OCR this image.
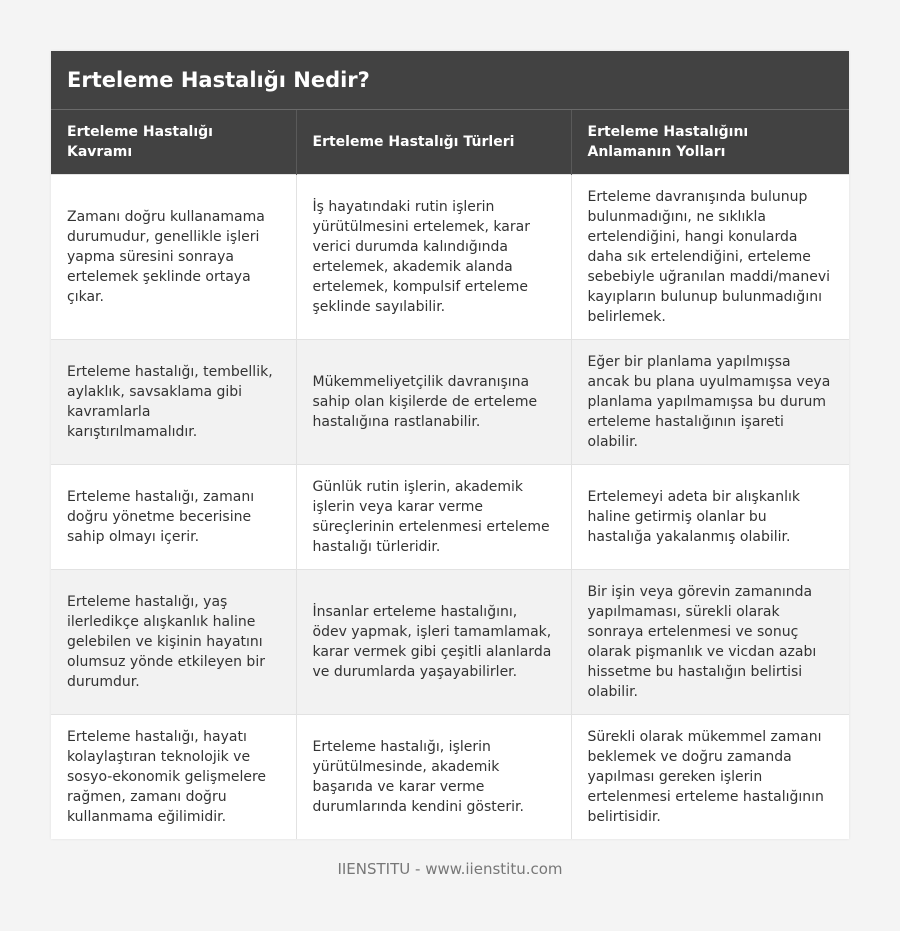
Erteleme Hastalığı Nedir?
Erteleme Hastalığı Kavramı	Erteleme Hastalığı Türleri	Erteleme Hastalığını Anlamanın Yolları
Zamanı doğru kullanamama durumudur, genellikle işleri yapma süresini sonraya ertelemek şeklinde ortaya çıkar.	İş hayatındaki rutin işlerin yürütülmesini ertelemek, karar verici durumda kalındığında ertelemek, akademik alanda ertelemek, kompulsif erteleme şeklinde sayılabilir.	Erteleme davranışında bulunup bulunmadığını, ne sıklıkla ertelendiğini, hangi konularda daha sık ertelendiğini, erteleme sebebiyle uğranılan maddi/manevi kayıpların bulunup bulunmadığını belirlemek.
Erteleme hastalığı, tembellik, aylaklık, savsaklama gibi kavramlarla karıştırılmamalıdır.	Mükemmeliyetçilik davranışına sahip olan kişilerde de erteleme hastalığına rastlanabilir.	Eğer bir planlama yapılmışsa ancak bu plana uyulmamışsa veya planlama yapılmamışsa bu durum erteleme hastalığının işareti olabilir.
Erteleme hastalığı, zamanı doğru yönetme becerisine sahip olmayı içerir.	Günlük rutin işlerin, akademik işlerin veya karar verme süreçlerinin ertelenmesi erteleme hastalığı türleridir.	Ertelemeyi adeta bir alışkanlık haline getirmiş olanlar bu hastalığa yakalanmış olabilir.
Erteleme hastalığı, yaş ilerledikçe alışkanlık haline gelebilen ve kişinin hayatını olumsuz yönde etkileyen bir durumdur.	İnsanlar erteleme hastalığını, ödev yapmak, işleri tamamlamak, karar vermek gibi çeşitli alanlarda ve durumlarda yaşayabilirler.	Bir işin veya görevin zamanında yapılmaması, sürekli olarak sonraya ertelenmesi ve sonuç olarak pişmanlık ve vicdan azabı hissetme bu hastalığın belirtisi olabilir.
Erteleme hastalığı, hayatı kolaylaştıran teknolojik ve sosyo-ekonomik gelişmelere rağmen, zamanı doğru kullanmama eğilimidir.	Erteleme hastalığı, işlerin yürütülmesinde, akademik başarıda ve karar verme durumlarında kendini gösterir.	Sürekli olarak mükemmel zamanı beklemek ve doğru zamanda yapılması gereken işlerin ertelenmesi erteleme hastalığının belirtisidir.
IIENSTITU - www.iienstitu.com
